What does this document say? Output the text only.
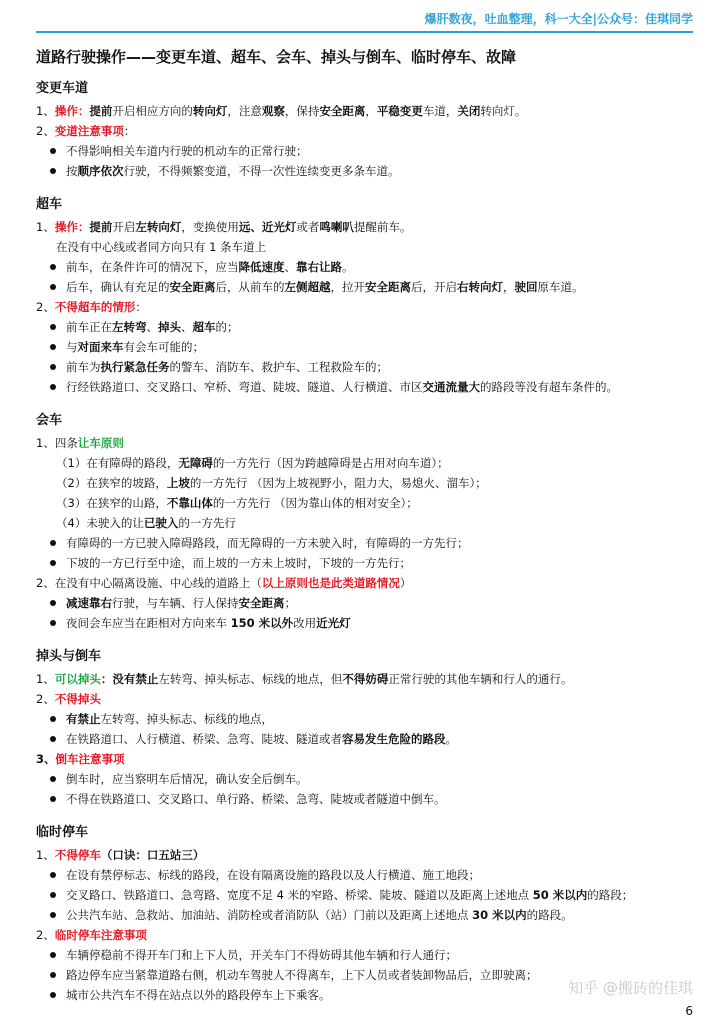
爆肝数夜，吐血整理，科一大全|公众号：佳琪同学
道路行驶操作——变更车道、超车、会车、掉头与倒车、临时停车、故障
变更车道
1、操作：提前开启相应方向的转向灯，注意观察，保持安全距离，平稳变更车道，关闭转向灯。
2、变道注意事项：
不得影响相关车道内行驶的机动车的正常行驶；
按顺序依次行驶，不得频繁变道，不得一次性连续变更多条车道。
超车
1、操作：提前开启左转向灯，变换使用远、近光灯或者鸣喇叭提醒前车。
在没有中心线或者同方向只有 1 条车道上
前车，在条件许可的情况下，应当降低速度、靠右让路。
后车，确认有充足的安全距离后，从前车的左侧超越，拉开安全距离后，开启右转向灯，驶回原车道。
2、不得超车的情形：
前车正在左转弯、掉头、超车的；
与对面来车有会车可能的；
前车为执行紧急任务的警车、消防车、救护车、工程救险车的；
行经铁路道口、交叉路口、窄桥、弯道、陡坡、隧道、人行横道、市区交通流量大的路段等没有超车条件的。
会车
1、四条让车原则
（1）在有障碍的路段，无障碍的一方先行（因为跨越障碍是占用对向车道）；
（2）在狭窄的坡路，上坡的一方先行 （因为上坡视野小，阻力大，易熄火、溜车）；
（3）在狭窄的山路，不靠山体的一方先行 （因为靠山体的相对安全）；
（4）未驶入的让已驶入的一方先行
有障碍的一方已驶入障碍路段，而无障碍的一方未驶入时，有障碍的一方先行；
下坡的一方已行至中途，而上坡的一方未上坡时，下坡的一方先行；
2、在没有中心隔离设施、中心线的道路上（以上原则也是此类道路情况）
减速靠右行驶，与车辆、行人保持安全距离；
夜间会车应当在距相对方向来车 150 米以外改用近光灯
掉头与倒车
1、可以掉头：没有禁止左转弯、掉头标志、标线的地点，但不得妨碍正常行驶的其他车辆和行人的通行。
2、不得掉头
有禁止左转弯、掉头标志、标线的地点，
在铁路道口、人行横道、桥梁、急弯、陡坡、隧道或者容易发生危险的路段。
3、倒车注意事项
倒车时，应当察明车后情况，确认安全后倒车。
不得在铁路道口、交叉路口、单行路、桥梁、急弯、陡坡或者隧道中倒车。
临时停车
1、不得停车（口诀：口五站三）
在设有禁停标志、标线的路段，在设有隔离设施的路段以及人行横道、施工地段；
交叉路口、铁路道口、急弯路、宽度不足 4 米的窄路、桥梁、陡坡、隧道以及距离上述地点 50 米以内的路段；
公共汽车站、急救站、加油站、消防栓或者消防队（站）门前以及距离上述地点 30 米以内的路段。
2、临时停车注意事项
车辆停稳前不得开车门和上下人员，开关车门不得妨碍其他车辆和行人通行；
路边停车应当紧靠道路右侧，机动车驾驶人不得离车，上下人员或者装卸物品后，立即驶离；
城市公共汽车不得在站点以外的路段停车上下乘客。	知乎 @搬砖的佳琪
6
